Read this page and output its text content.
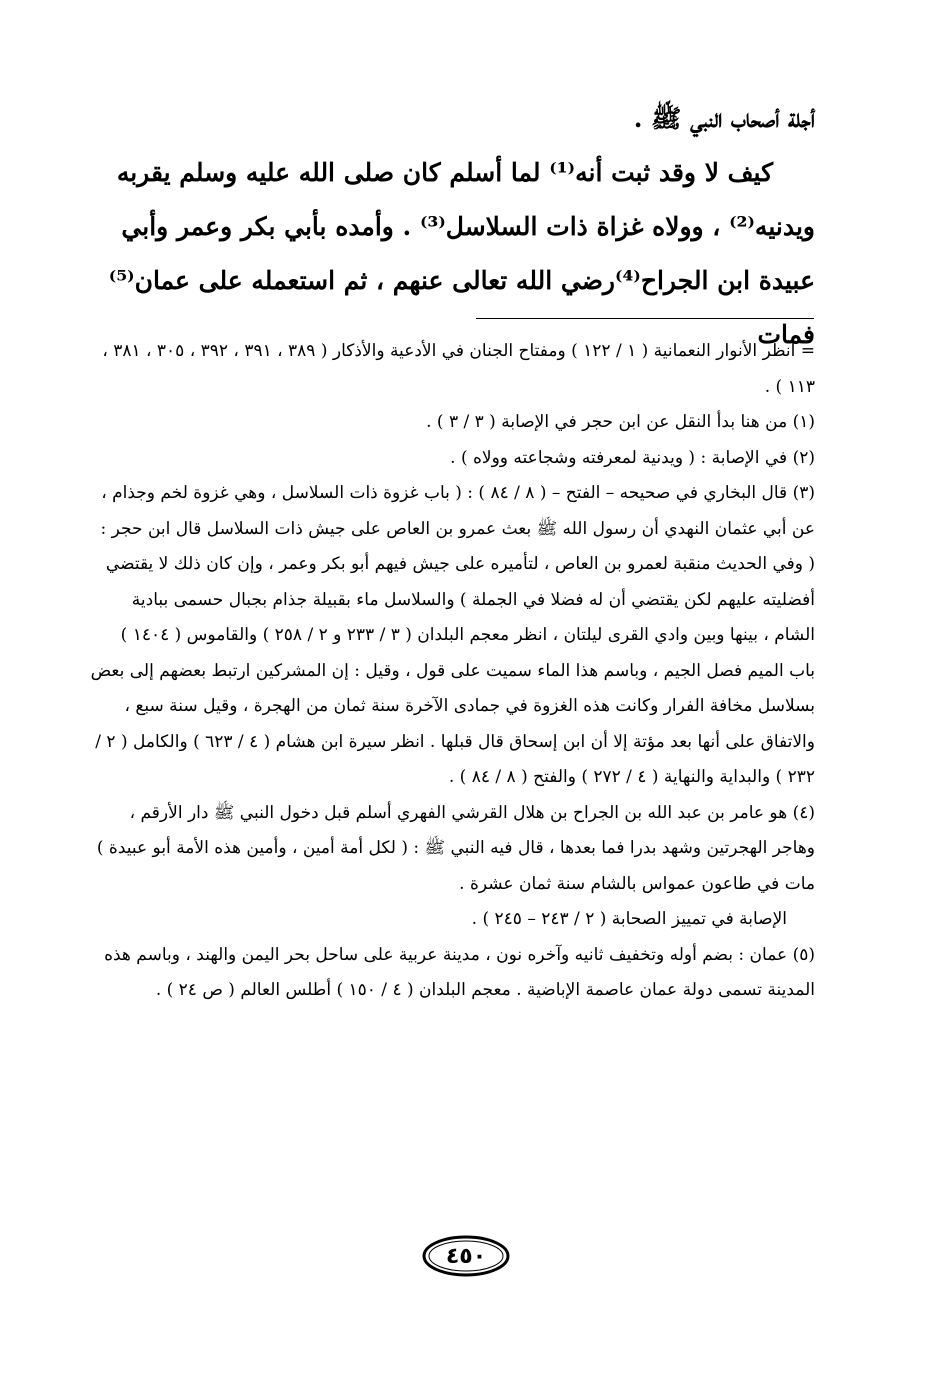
أجلة أصحاب النبي ﷺ .

كيف لا وقد ثبت أنه⁽¹⁾ لما أسلم كان صلى الله عليه وسلم يقربه ويدنيه⁽²⁾ ، وولاه غزاة ذات السلاسل⁽³⁾ . وأمده بأبي بكر وعمر وأبي عبيدة ابن الجراح⁽⁴⁾رضي الله تعالى عنهم ، ثم استعمله على عمان⁽⁵⁾ فمات

= انظر الأنوار النعمانية ( ١ / ١٢٢ ) ومفتاح الجنان في الأدعية والأذكار ( ٣٨٩ ، ٣٩١ ، ٣٩٢ ، ٣٠٥ ، ٣٨١ ، ١١٣ ) .

(١) من هنا بدأ النقل عن ابن حجر في الإصابة ( ٣ / ٣ ) .

(٢) في الإصابة : ( ويدنية لمعرفته وشجاعته وولاه ) .

(٣) قال البخاري في صحيحه – الفتح – ( ٨ / ٨٤ ) : ( باب غزوة ذات السلاسل ، وهي غزوة لخم وجذام ، عن أبي عثمان النهدي أن رسول الله ﷺ بعث عمرو بن العاص على جيش ذات السلاسل قال ابن حجر : ( وفي الحديث منقبة لعمرو بن العاص ، لتأميره على جيش فيهم أبو بكر وعمر ، وإن كان ذلك لا يقتضي أفضليته عليهم لكن يقتضي أن له فضلا في الجملة ) والسلاسل ماء بقبيلة جذام بجبال حسمى ببادية الشام ، بينها وبين وادي القرى ليلتان ، انظر معجم البلدان ( ٣ / ٢٣٣ و ٢ / ٢٥٨ ) والقاموس ( ١٤٠٤ ) باب الميم فصل الجيم ، وباسم هذا الماء سميت على قول ، وقيل : إن المشركين ارتبط بعضهم إلى بعض بسلاسل مخافة الفرار وكانت هذه الغزوة في جمادى الآخرة سنة ثمان من الهجرة ، وقيل سنة سبع ، والاتفاق على أنها بعد مؤتة إلا أن ابن إسحاق قال قبلها . انظر سيرة ابن هشام ( ٤ / ٦٢٣ ) والكامل ( ٢ / ٢٣٢ ) والبداية والنهاية ( ٤ / ٢٧٢ ) والفتح ( ٨ / ٨٤ ) .

(٤) هو عامر بن عبد الله بن الجراح بن هلال القرشي الفهري أسلم قبل دخول النبي ﷺ دار الأرقم ، وهاجر الهجرتين وشهد بدرا فما بعدها ، قال فيه النبي ﷺ : ( لكل أمة أمين ، وأمين هذه الأمة أبو عبيدة ) مات في طاعون عمواس بالشام سنة ثمان عشرة .

الإصابة في تمييز الصحابة ( ٢ / ٢٤٣ – ٢٤٥ ) .

(٥) عمان : بضم أوله وتخفيف ثانيه وآخره نون ، مدينة عربية على ساحل بحر اليمن والهند ، وباسم هذه المدينة تسمى دولة عمان عاصمة الإباضية . معجم البلدان ( ٤ / ١٥٠ ) أطلس العالم ( ص ٢٤ ) .

٤٥٠
